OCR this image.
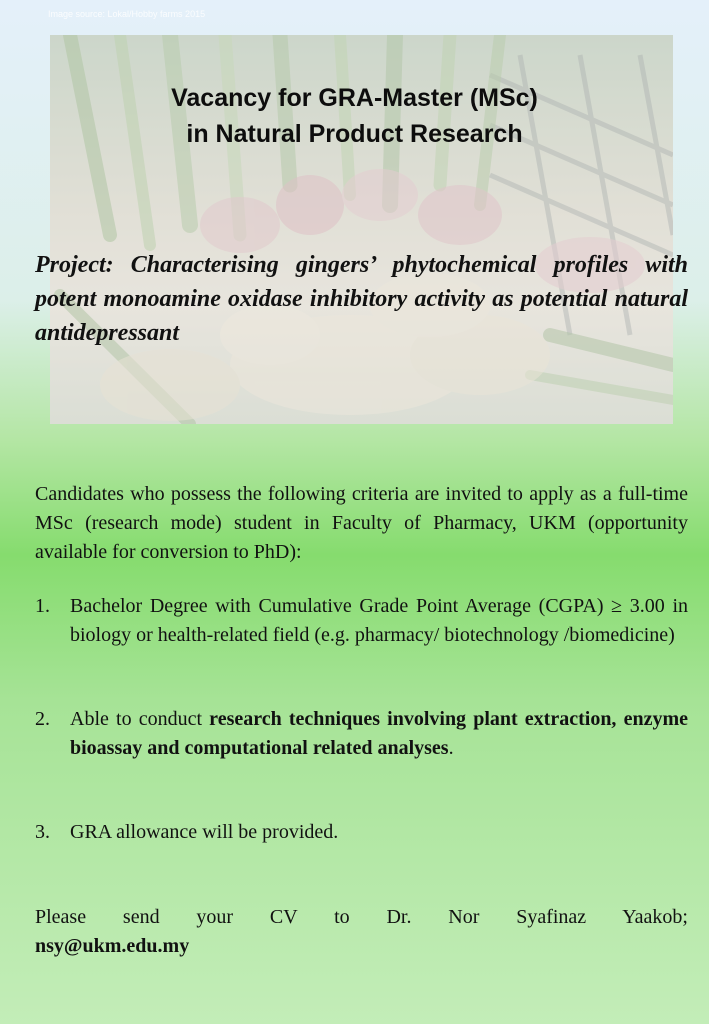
Image source: Lokal/Hobby farms 2015
Vacancy for GRA-Master (MSc)
in Natural Product Research

Project: Characterising gingers’ phytochemical profiles with potent monoamine oxidase inhibitory activity as potential natural antidepressant

Candidates who possess the following criteria are invited to apply as a full-time MSc (research mode) student in Faculty of Pharmacy, UKM (opportunity available for conversion to PhD):

1. Bachelor Degree with Cumulative Grade Point Average (CGPA) ≥ 3.00 in biology or health-related field (e.g. pharmacy/ biotechnology /biomedicine)
2. Able to conduct research techniques involving plant extraction, enzyme bioassay and computational related analyses.
3. GRA allowance will be provided.
Please send your CV to Dr. Nor Syafinaz Yaakob;
nsy@ukm.edu.my
